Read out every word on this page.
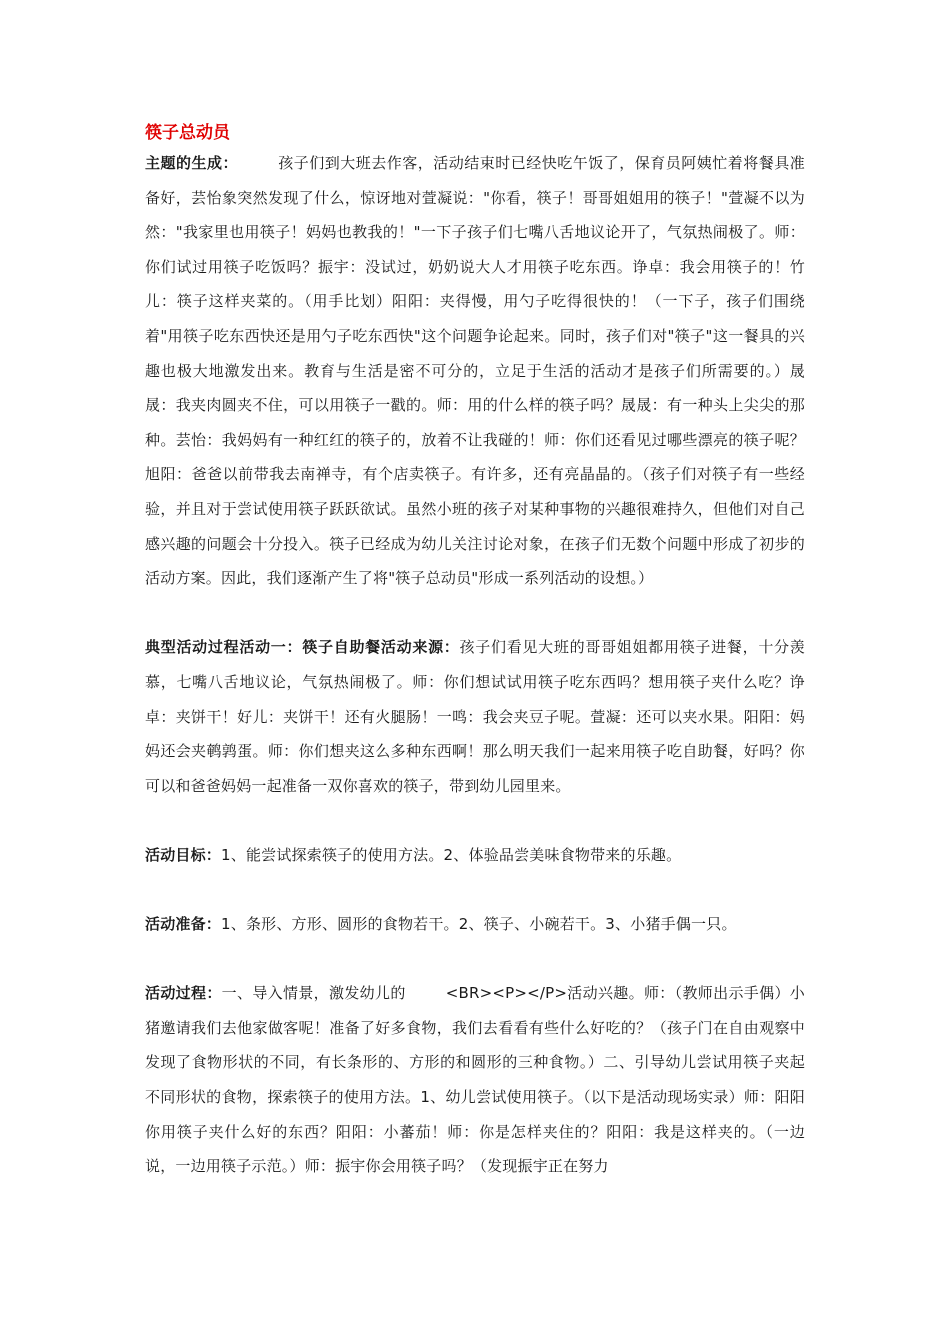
筷子总动员

主题的生成：	孩子们到大班去作客，活动结束时已经快吃午饭了，保育员阿姨忙着将餐具准备好，芸怡象突然发现了什么，惊讶地对萱凝说："你看，筷子！哥哥姐姐用的筷子！"萱凝不以为然："我家里也用筷子！妈妈也教我的！"一下子孩子们七嘴八舌地议论开了，气氛热闹极了。师：你们试过用筷子吃饭吗？振宇：没试过，奶奶说大人才用筷子吃东西。诤卓：我会用筷子的！竹儿：筷子这样夹菜的。（用手比划）阳阳：夹得慢，用勺子吃得很快的！（一下子，孩子们围绕着"用筷子吃东西快还是用勺子吃东西快"这个问题争论起来。同时，孩子们对"筷子"这一餐具的兴趣也极大地激发出来。教育与生活是密不可分的，立足于生活的活动才是孩子们所需要的。）晟晟：我夹肉圆夹不住，可以用筷子一戳的。师：用的什么样的筷子吗？晟晟：有一种头上尖尖的那种。芸怡：我妈妈有一种红红的筷子的，放着不让我碰的！师：你们还看见过哪些漂亮的筷子呢？旭阳：爸爸以前带我去南禅寺，有个店卖筷子。有许多，还有亮晶晶的。（孩子们对筷子有一些经验，并且对于尝试使用筷子跃跃欲试。虽然小班的孩子对某种事物的兴趣很难持久，但他们对自己感兴趣的问题会十分投入。筷子已经成为幼儿关注讨论对象，在孩子们无数个问题中形成了初步的活动方案。因此，我们逐渐产生了将"筷子总动员"形成一系列活动的设想。）

典型活动过程活动一：筷子自助餐活动来源：孩子们看见大班的哥哥姐姐都用筷子进餐，十分羡慕，七嘴八舌地议论，气氛热闹极了。师：你们想试试用筷子吃东西吗？想用筷子夹什么吃？诤卓：夹饼干！好儿：夹饼干！还有火腿肠！一鸣：我会夹豆子呢。萱凝：还可以夹水果。阳阳：妈妈还会夹鹌鹑蛋。师：你们想夹这么多种东西啊！那么明天我们一起来用筷子吃自助餐，好吗？你可以和爸爸妈妈一起准备一双你喜欢的筷子，带到幼儿园里来。

活动目标：1、能尝试探索筷子的使用方法。2、体验品尝美味食物带来的乐趣。

活动准备：1、条形、方形、圆形的食物若干。2、筷子、小碗若干。3、小猪手偶一只。

活动过程：一、导入情景，激发幼儿的	<BR><P></P>活动兴趣。师：（教师出示手偶）小猪邀请我们去他家做客呢！准备了好多食物，我们去看看有些什么好吃的？（孩子门在自由观察中发现了食物形状的不同，有长条形的、方形的和圆形的三种食物。）二、引导幼儿尝试用筷子夹起不同形状的食物，探索筷子的使用方法。1、幼儿尝试使用筷子。（以下是活动现场实录）师：阳阳你用筷子夹什么好的东西？阳阳：小蕃茄！师：你是怎样夹住的？阳阳：我是这样夹的。（一边说，一边用筷子示范。）师：振宇你会用筷子吗？（发现振宇正在努力
